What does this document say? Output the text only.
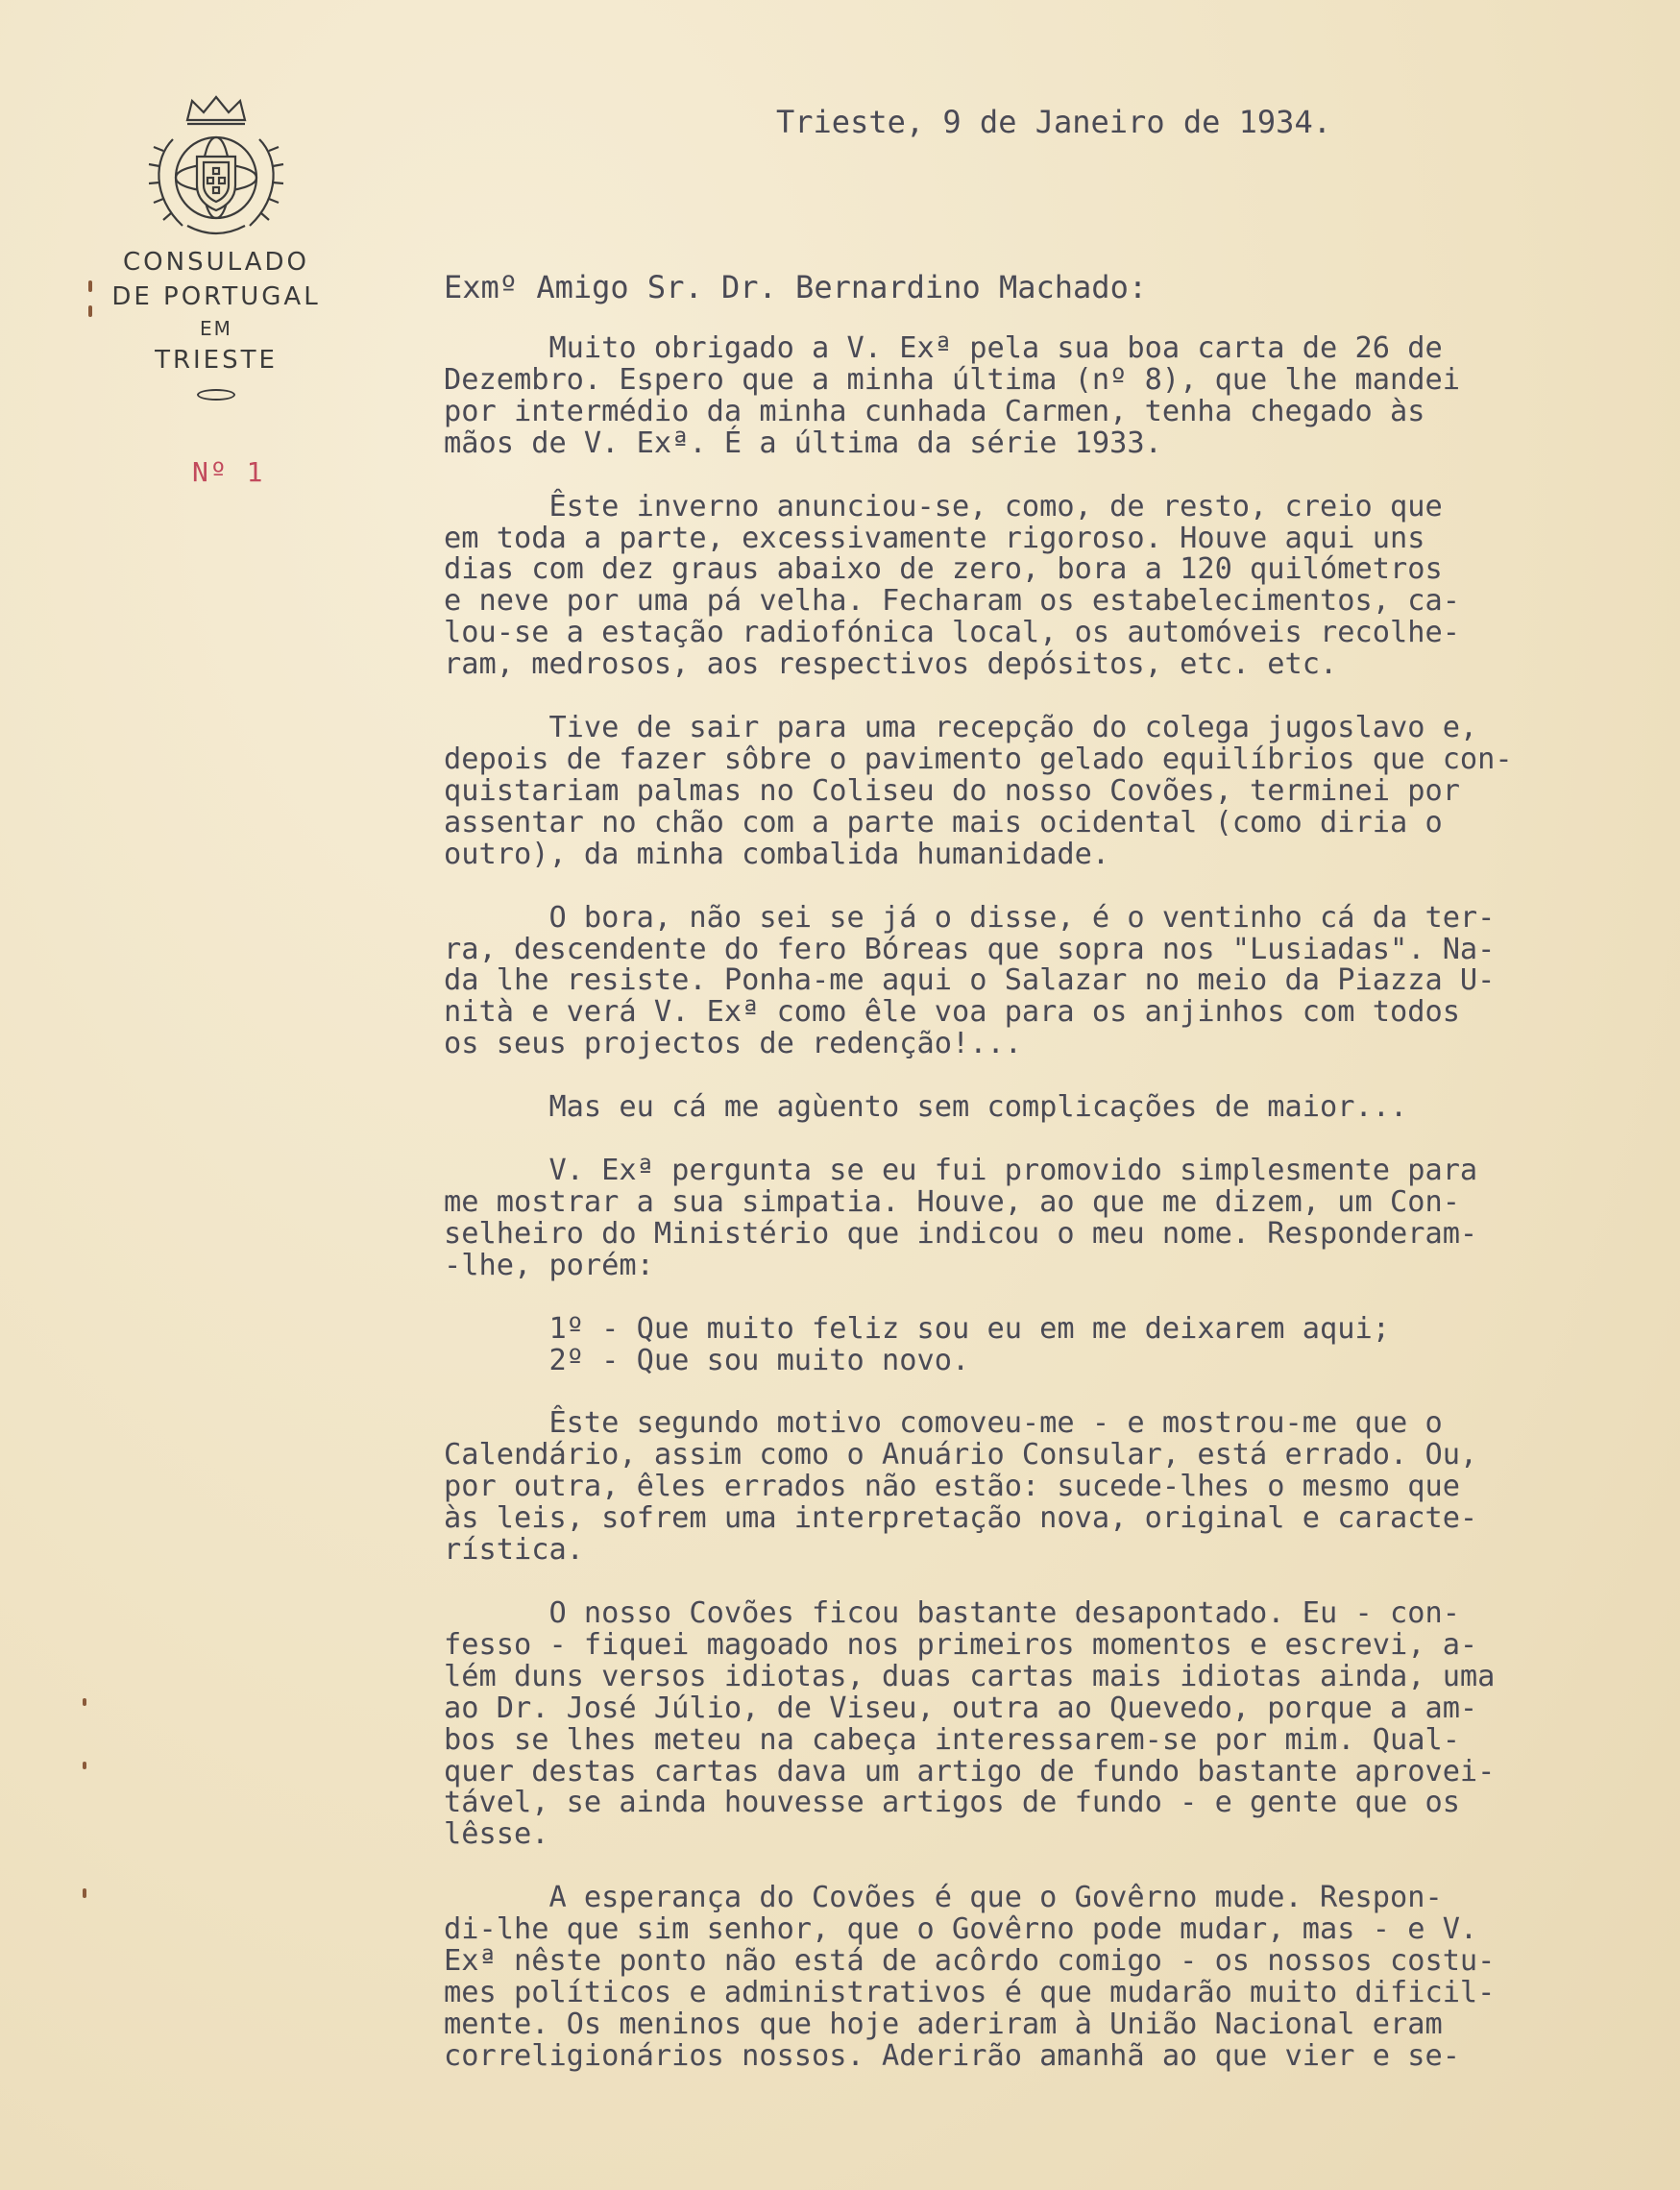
CONSULADO
DE PORTUGAL
EM
TRIESTE
Nº 1
Trieste, 9 de Janeiro de 1934.
Exmº Amigo Sr. Dr. Bernardino Machado:
Muito obrigado a V. Exª pela sua boa carta de 26 de
Dezembro. Espero que a minha última (nº 8), que lhe mandei
por intermédio da minha cunhada Carmen, tenha chegado às
mãos de V. Exª. É a última da série 1933.
Êste inverno anunciou-se, como, de resto, creio que
em toda a parte, excessivamente rigoroso. Houve aqui uns
dias com dez graus abaixo de zero, bora a 120 quilómetros
e neve por uma pá velha. Fecharam os estabelecimentos, ca-
lou-se a estação radiofónica local, os automóveis recolhe-
ram, medrosos, aos respectivos depósitos, etc. etc.
Tive de sair para uma recepção do colega jugoslavo e,
depois de fazer sôbre o pavimento gelado equilíbrios que con-
quistariam palmas no Coliseu do nosso Covões, terminei por
assentar no chão com a parte mais ocidental (como diria o
outro), da minha combalida humanidade.
O bora, não sei se já o disse, é o ventinho cá da ter-
ra, descendente do fero Bóreas que sopra nos "Lusiadas". Na-
da lhe resiste. Ponha-me aqui o Salazar no meio da Piazza U-
nità e verá V. Exª como êle voa para os anjinhos com todos
os seus projectos de redenção!...
Mas eu cá me agùento sem complicações de maior...
V. Exª pergunta se eu fui promovido simplesmente para
me mostrar a sua simpatia. Houve, ao que me dizem, um Con-
selheiro do Ministério que indicou o meu nome. Responderam-
-lhe, porém:
1º - Que muito feliz sou eu em me deixarem aqui;
2º - Que sou muito novo.
Êste segundo motivo comoveu-me - e mostrou-me que o
Calendário, assim como o Anuário Consular, está errado. Ou,
por outra, êles errados não estão: sucede-lhes o mesmo que
às leis, sofrem uma interpretação nova, original e caracte-
rística.
O nosso Covões ficou bastante desapontado. Eu - con-
fesso - fiquei magoado nos primeiros momentos e escrevi, a-
lém duns versos idiotas, duas cartas mais idiotas ainda, uma
ao Dr. José Júlio, de Viseu, outra ao Quevedo, porque a am-
bos se lhes meteu na cabeça interessarem-se por mim. Qual-
quer destas cartas dava um artigo de fundo bastante aprovei-
tável, se ainda houvesse artigos de fundo - e gente que os
lêsse.
A esperança do Covões é que o Govêrno mude. Respon-
di-lhe que sim senhor, que o Govêrno pode mudar, mas - e V.
Exª nêste ponto não está de acôrdo comigo - os nossos costu-
mes políticos e administrativos é que mudarão muito dificil-
mente. Os meninos que hoje aderiram à União Nacional eram
correligionários nossos. Aderirão amanhã ao que vier e se-
